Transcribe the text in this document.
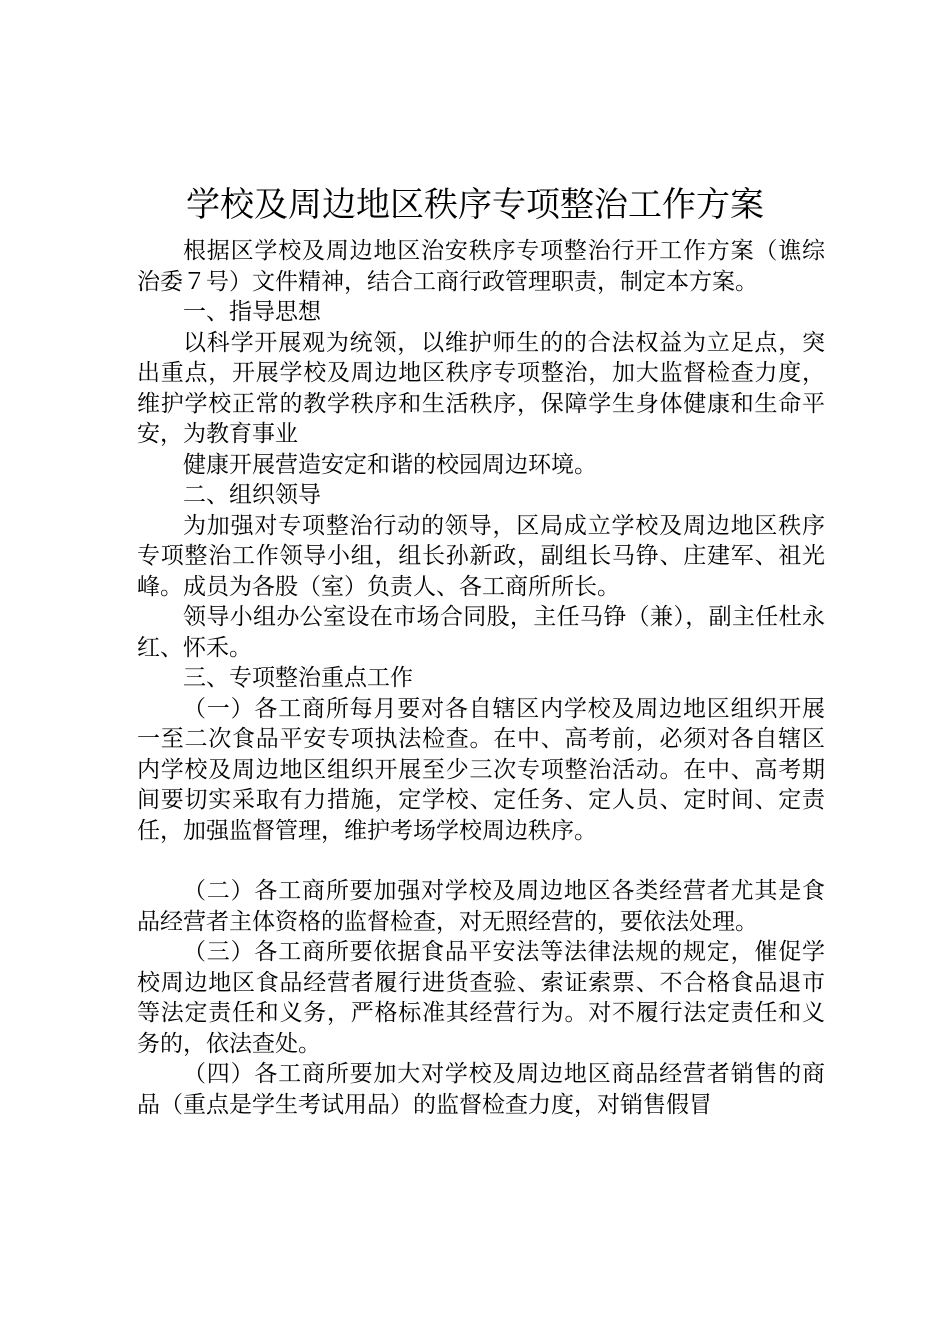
学校及周边地区秩序专项整治工作方案

根据区学校及周边地区治安秩序专项整治行开工作方案（谯综治委７号）文件精神，结合工商行政管理职责，制定本方案。

一、指导思想

以科学开展观为统领，以维护师生的的合法权益为立足点，突出重点，开展学校及周边地区秩序专项整治，加大监督检查力度，维护学校正常的教学秩序和生活秩序，保障学生身体健康和生命平安，为教育事业

健康开展营造安定和谐的校园周边环境。

二、组织领导

为加强对专项整治行动的领导，区局成立学校及周边地区秩序专项整治工作领导小组，组长孙新政，副组长马铮、庄建军、祖光峰。成员为各股（室）负责人、各工商所所长。

领导小组办公室设在市场合同股，主任马铮（兼），副主任杜永红、怀禾。

三、专项整治重点工作

（一）各工商所每月要对各自辖区内学校及周边地区组织开展一至二次食品平安专项执法检查。在中、高考前，必须对各自辖区内学校及周边地区组织开展至少三次专项整治活动。在中、高考期间要切实采取有力措施，定学校、定任务、定人员、定时间、定责任，加强监督管理，维护考场学校周边秩序。

（二）各工商所要加强对学校及周边地区各类经营者尤其是食品经营者主体资格的监督检查，对无照经营的，要依法处理。

（三）各工商所要依据食品平安法等法律法规的规定，催促学校周边地区食品经营者履行进货查验、索证索票、不合格食品退市等法定责任和义务，严格标准其经营行为。对不履行法定责任和义务的，依法查处。

（四）各工商所要加大对学校及周边地区商品经营者销售的商品（重点是学生考试用品）的监督检查力度，对销售假冒
